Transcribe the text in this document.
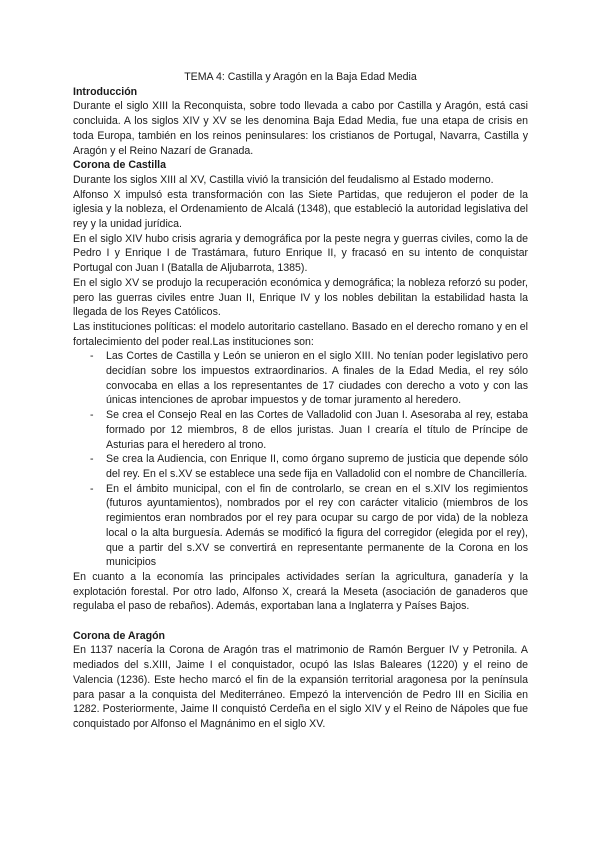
TEMA 4: Castilla y Aragón en la Baja Edad Media

Introducción

Durante el siglo XIII la Reconquista, sobre todo llevada a cabo por Castilla y Aragón, está casi concluida. A los siglos XIV y XV se les denomina Baja Edad Media, fue una etapa de crisis en toda Europa, también en los reinos peninsulares: los cristianos de Portugal, Navarra, Castilla y Aragón y el Reino Nazarí de Granada.

Corona de Castilla

Durante los siglos XIII al XV, Castilla vivió la transición del feudalismo al Estado moderno.

Alfonso X impulsó esta transformación con las Siete Partidas, que redujeron el poder de la iglesia y la nobleza, el Ordenamiento de Alcalá (1348), que estableció la autoridad legislativa del rey y la unidad jurídica.

En el siglo XIV hubo crisis agraria y demográfica por la peste negra y guerras civiles, como la de Pedro I y Enrique I de Trastámara, futuro Enrique II, y fracasó en su intento de conquistar Portugal con Juan I (Batalla de Aljubarrota, 1385).

En el siglo XV se produjo la recuperación económica y demográfica; la nobleza reforzó su poder, pero las guerras civiles entre Juan II, Enrique IV y los nobles debilitan la estabilidad hasta la llegada de los Reyes Católicos.

Las instituciones políticas: el modelo autoritario castellano. Basado en el derecho romano y en el fortalecimiento del poder real.Las instituciones son:

- Las Cortes de Castilla y León se unieron en el siglo XIII. No tenían poder legislativo pero decidían sobre los impuestos extraordinarios. A finales de la Edad Media, el rey sólo convocaba en ellas a los representantes de 17 ciudades con derecho a voto y con las únicas intenciones de aprobar impuestos y de tomar juramento al heredero.
- Se crea el Consejo Real en las Cortes de Valladolid con Juan I. Asesoraba al rey, estaba formado por 12 miembros, 8 de ellos juristas. Juan I crearía el título de Príncipe de Asturias para el heredero al trono.
- Se crea la Audiencia, con Enrique II, como órgano supremo de justicia que depende sólo del rey. En el s.XV se establece una sede fija en Valladolid con el nombre de Chancillería.
- En el ámbito municipal, con el fin de controlarlo, se crean en el s.XIV los regimientos (futuros ayuntamientos), nombrados por el rey con carácter vitalicio (miembros de los regimientos eran nombrados por el rey para ocupar su cargo de por vida) de la nobleza local o la alta burguesía. Además se modificó la figura del corregidor (elegida por el rey), que a partir del s.XV se convertirá en representante permanente de la Corona en los municipios

En cuanto a la economía las principales actividades serían la agricultura, ganadería y la explotación forestal. Por otro lado, Alfonso X, creará la Meseta (asociación de ganaderos que regulaba el paso de rebaños). Además, exportaban lana a Inglaterra y Países Bajos.

Corona de Aragón

En 1137 nacería la Corona de Aragón tras el matrimonio de Ramón Berguer IV y Petronila. A mediados del s.XIII, Jaime I el conquistador, ocupó las Islas Baleares (1220) y el reino de Valencia (1236). Este hecho marcó el fin de la expansión territorial aragonesa por la península para pasar a la conquista del Mediterráneo. Empezó la intervención de Pedro III en Sicilia en 1282. Posteriormente, Jaime II conquistó Cerdeña en el siglo XIV y el Reino de Nápoles que fue conquistado por Alfonso el Magnánimo en el siglo XV.
